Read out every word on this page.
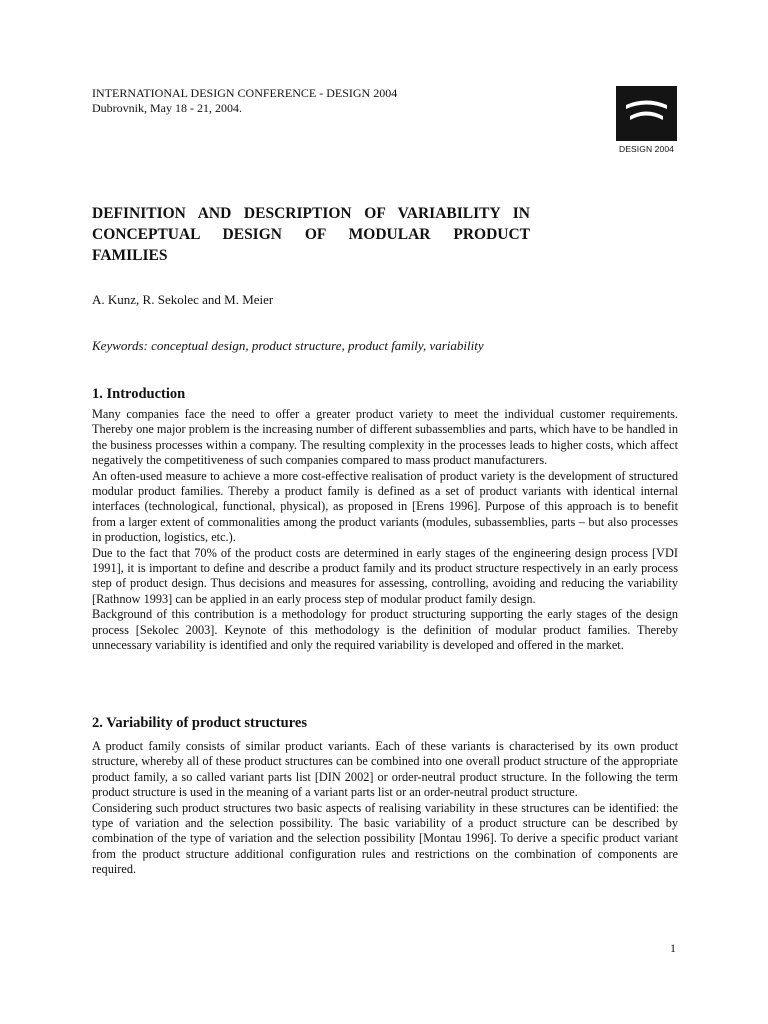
INTERNATIONAL DESIGN CONFERENCE - DESIGN 2004
Dubrovnik, May 18 - 21, 2004.
DESIGN 2004
DEFINITION AND DESCRIPTION OF VARIABILITY IN CONCEPTUAL DESIGN OF MODULAR PRODUCT FAMILIES
A. Kunz, R. Sekolec and M. Meier
Keywords: conceptual design, product structure, product family, variability
1. Introduction

Many companies face the need to offer a greater product variety to meet the individual customer requirements. Thereby one major problem is the increasing number of different subassemblies and parts, which have to be handled in the business processes within a company. The resulting complexity in the processes leads to higher costs, which affect negatively the competitiveness of such companies compared to mass product manufacturers.

An often-used measure to achieve a more cost-effective realisation of product variety is the development of structured modular product families. Thereby a product family is defined as a set of product variants with identical internal interfaces (technological, functional, physical), as proposed in [Erens 1996]. Purpose of this approach is to benefit from a larger extent of commonalities among the product variants (modules, subassemblies, parts – but also processes in production, logistics, etc.).

Due to the fact that 70% of the product costs are determined in early stages of the engineering design process [VDI 1991], it is important to define and describe a product family and its product structure respectively in an early process step of product design. Thus decisions and measures for assessing, controlling, avoiding and reducing the variability [Rathnow 1993] can be applied in an early process step of modular product family design.

Background of this contribution is a methodology for product structuring supporting the early stages of the design process [Sekolec 2003]. Keynote of this methodology is the definition of modular product families. Thereby unnecessary variability is identified and only the required variability is developed and offered in the market.

2. Variability of product structures

A product family consists of similar product variants. Each of these variants is characterised by its own product structure, whereby all of these product structures can be combined into one overall product structure of the appropriate product family, a so called variant parts list [DIN 2002] or order-neutral product structure. In the following the term product structure is used in the meaning of a variant parts list or an order-neutral product structure.

Considering such product structures two basic aspects of realising variability in these structures can be identified: the type of variation and the selection possibility. The basic variability of a product structure can be described by combination of the type of variation and the selection possibility [Montau 1996]. To derive a specific product variant from the product structure additional configuration rules and restrictions on the combination of components are required.

1
